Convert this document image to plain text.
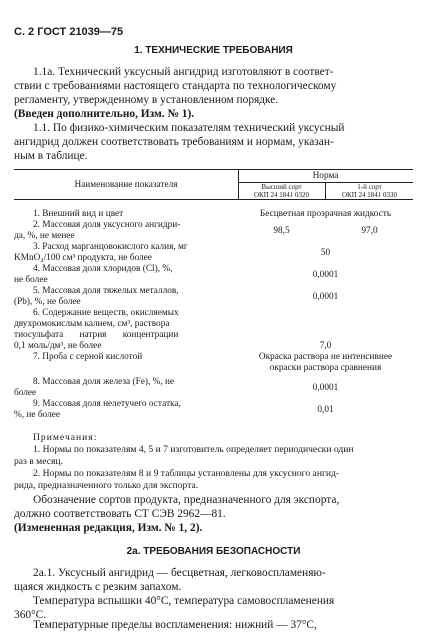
С. 2 ГОСТ 21039—75
1. ТЕХНИЧЕСКИЕ ТРЕБОВАНИЯ
1.1а. Технический уксусный ангидрид изготовляют в соответ-
ствии с требованиями настоящего стандарта по технологическому
регламенту, утвержденному в установленном порядке.
(Введен дополнительно, Изм. № 1).
1.1. По физико-химическим показателям технический уксусный
ангидрид должен соответствовать требованиям и нормам, указан-
ным в таблице.
Наименование показателя
Норма
Высший сорт
ОКП 24 1841 0320
1-й сорт
ОКП 24 1841 0330
1. Внешний вид и цвет	Бесцветная прозрачная жидкость
2. Массовая доля уксусного ангидри-
да, %, не менее	98,5	97,0
3. Расход марганцовокислого калия, мг
KMnO₄/100 см³ продукта, не более	50
4. Массовая доля хлоридов (Cl), %,
не более	0,0001
5. Массовая доля тяжелых металлов,
(Pb), %, не более	0,0001
6. Содержание веществ, окисляемых
двухромокислым калием, см³, раствора
тиосульфата       натрия       концентрации
0,1 моль/дм³, не более	7,0
7. Проба с серной кислотой	Окраска раствора не интенсивнее
окраски раствора сравнения
8. Массовая доля железа (Fe), %, не
более	0,0001
9. Массовая доля нелетучего остатка,
%, не более	0,01
Примечания:
1. Нормы по показателям 4, 5 и 7 изготовитель определяет периодически один
раз в месяц.
2. Нормы по показателям 8 и 9 таблицы установлены для уксусного ангид-
рида, предназначенного только для экспорта.
Обозначение сортов продукта, предназначенного для экспорта,
должно соответствовать СТ СЭВ 2962—81.
(Измененная редакция, Изм. № 1, 2).
2а. ТРЕБОВАНИЯ БЕЗОПАСНОСТИ
2а.1. Уксусный ангидрид — бесцветная, легковоспламеняю-
щаяся жидкость с резким запахом.
Температура вспышки 40°С, температура самовоспламенения
360°С.
Температурные пределы воспламенения: нижний — 37°С,
